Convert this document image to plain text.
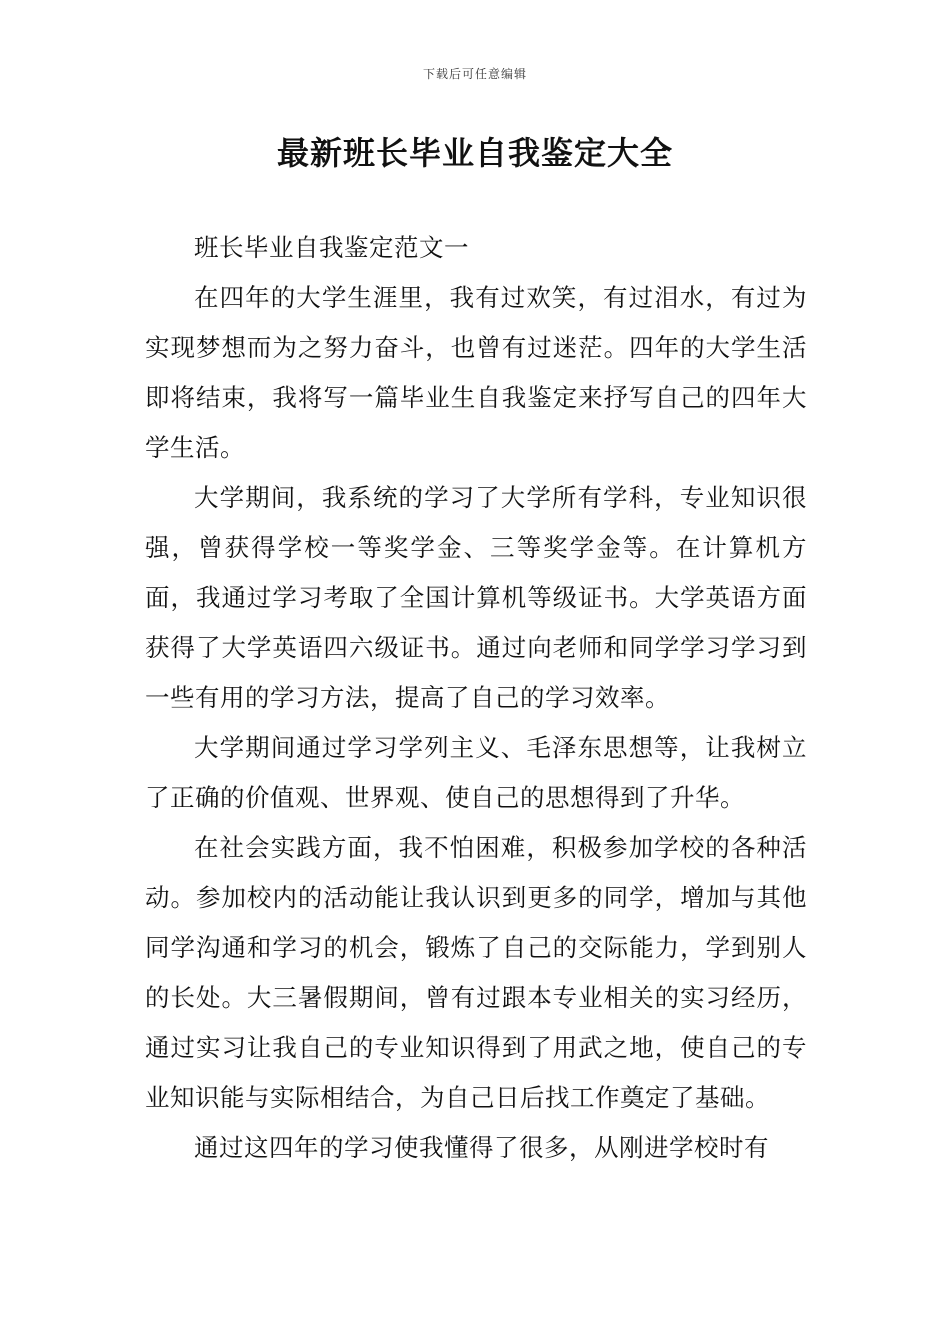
下载后可任意编辑
最新班长毕业自我鉴定大全

班长毕业自我鉴定范文一

在四年的大学生涯里，我有过欢笑，有过泪水，有过为实现梦想而为之努力奋斗，也曾有过迷茫。四年的大学生活即将结束，我将写一篇毕业生自我鉴定来抒写自己的四年大学生活。

大学期间，我系统的学习了大学所有学科，专业知识很强，曾获得学校一等奖学金、三等奖学金等。在计算机方面，我通过学习考取了全国计算机等级证书。大学英语方面获得了大学英语四六级证书。通过向老师和同学学习学习到一些有用的学习方法，提高了自己的学习效率。

大学期间通过学习学列主义、毛泽东思想等，让我树立了正确的价值观、世界观、使自己的思想得到了升华。

在社会实践方面，我不怕困难，积极参加学校的各种活动。参加校内的活动能让我认识到更多的同学，增加与其他同学沟通和学习的机会，锻炼了自己的交际能力，学到别人的长处。大三暑假期间，曾有过跟本专业相关的实习经历，通过实习让我自己的专业知识得到了用武之地，使自己的专业知识能与实际相结合，为自己日后找工作奠定了基础。

通过这四年的学习使我懂得了很多，从刚进学校时有
